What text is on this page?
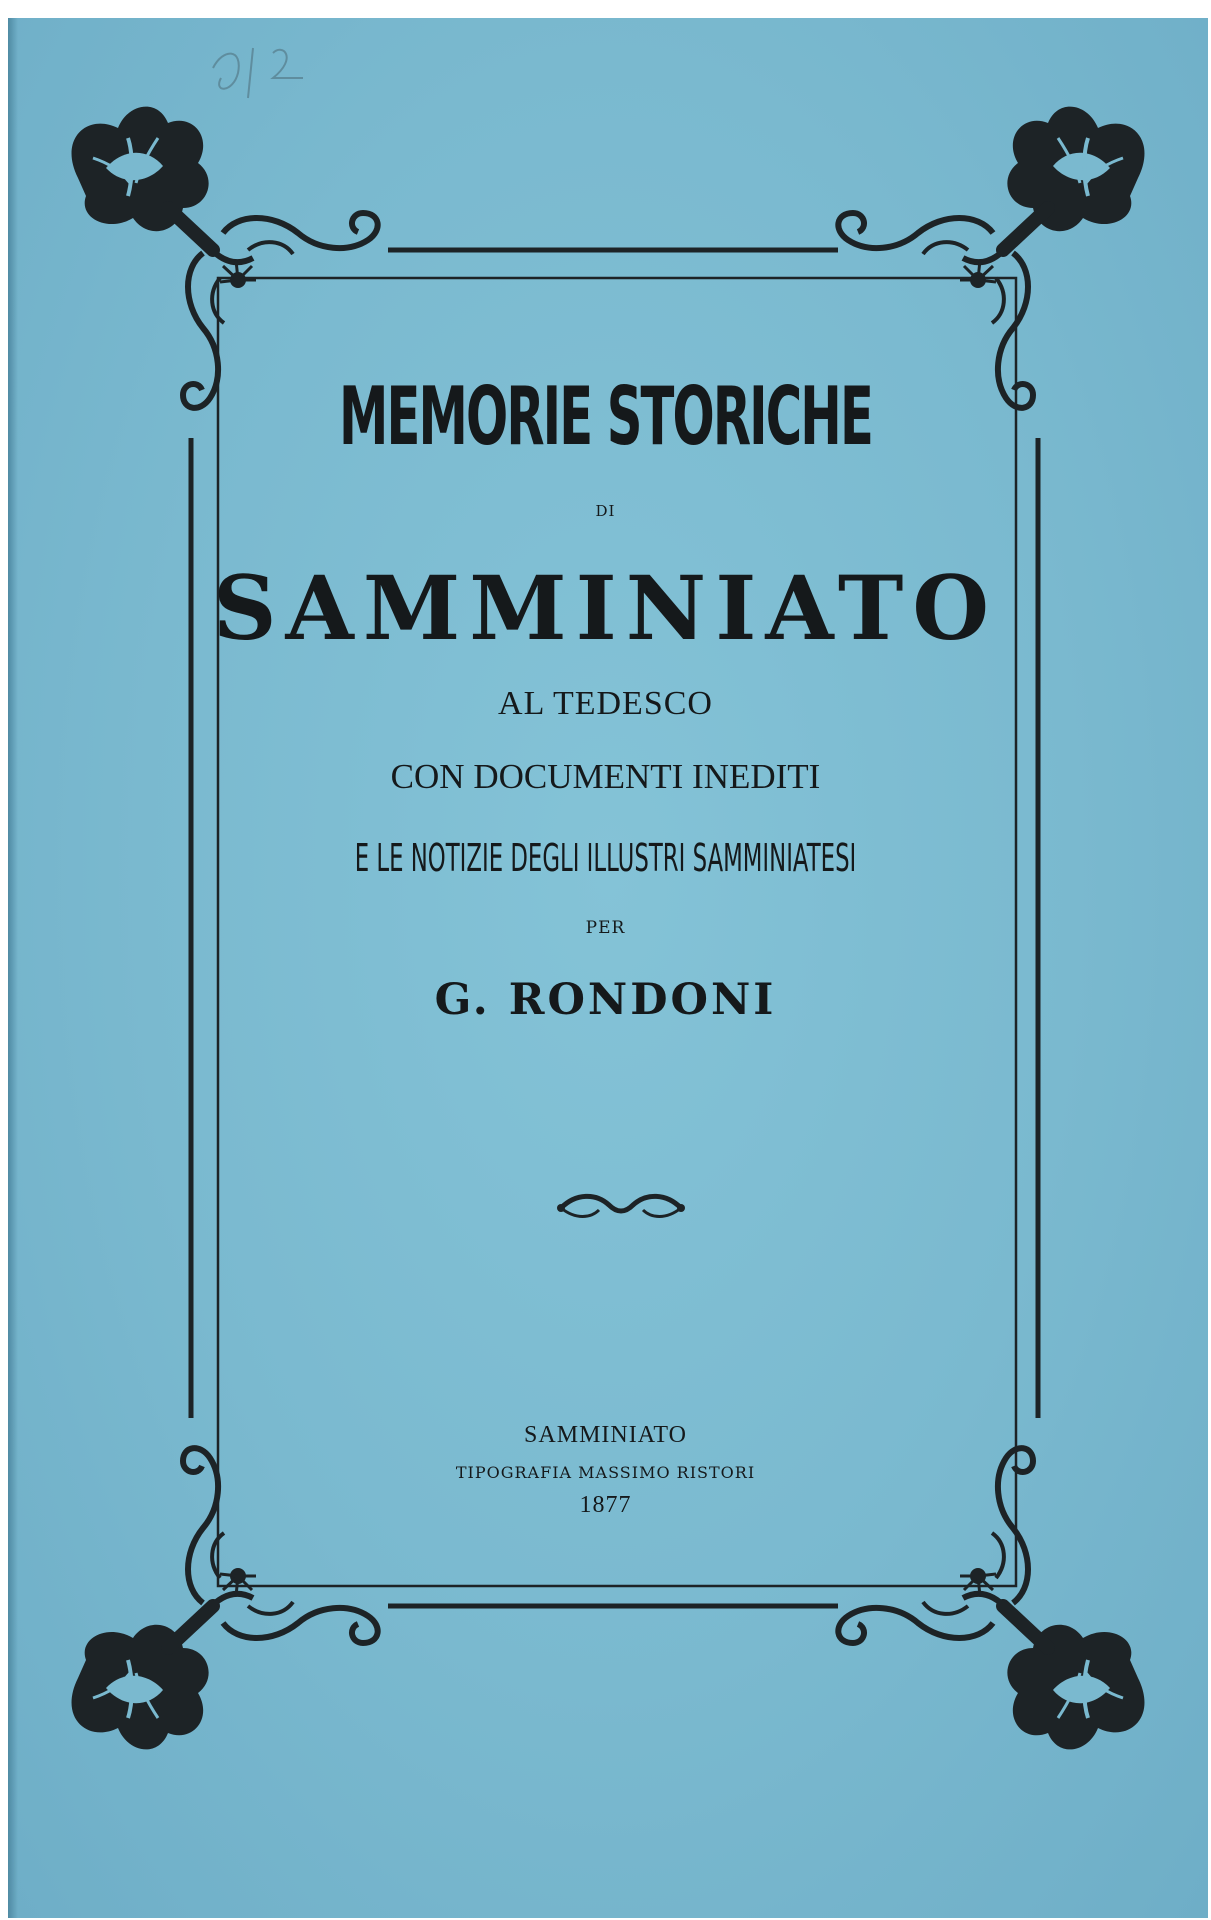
MEMORIE STORICHE
DI
SAMMINIATO
AL TEDESCO
CON DOCUMENTI INEDITI
E LE NOTIZIE DEGLI ILLUSTRI SAMMINIATESI
PER
G. RONDONI
SAMMINIATO
TIPOGRAFIA MASSIMO RISTORI
1877
